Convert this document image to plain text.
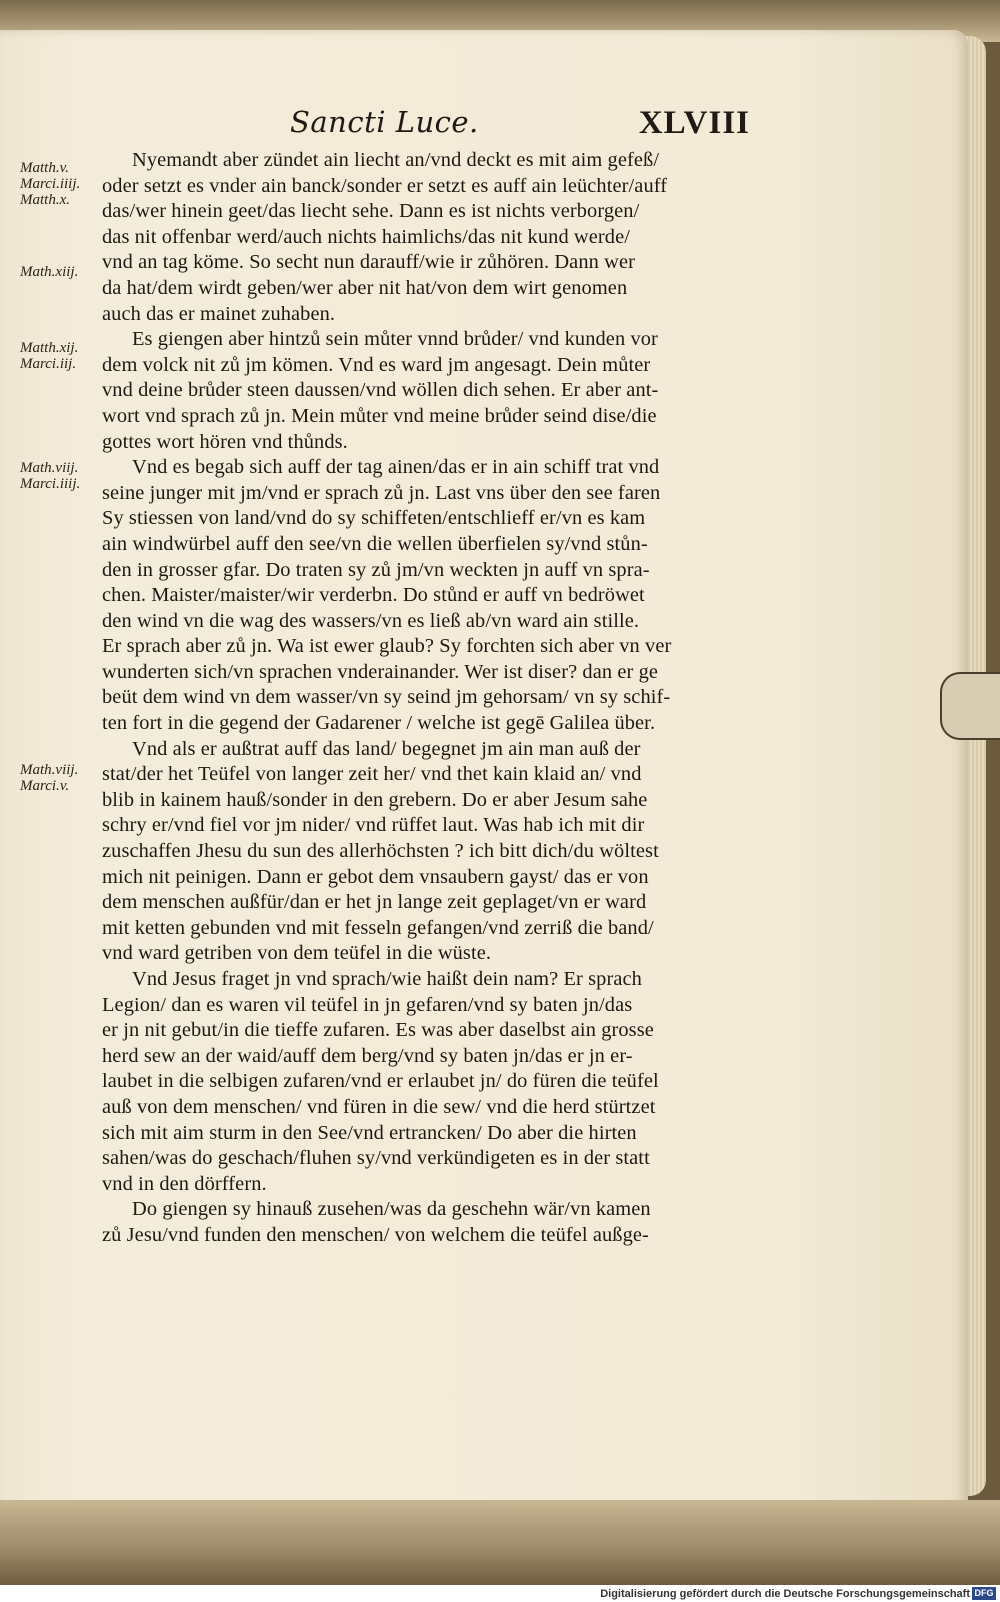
Sancti Luce.	XLVIII
Matth.v.
Marci.iiij.
Matth.x.
Math.xiij.
Matth.xij.
Marci.iij.
Math.viij.
Marci.iiij.
Math.viij.
Marci.v.
Nyemandt aber zündet ain liecht an/vnd deckt es mit aim gefeß/
oder setzt es vnder ain banck/sonder er setzt es auff ain leüchter/auff
das/wer hinein geet/das liecht sehe. Dann es ist nichts verborgen/
das nit offenbar werd/auch nichts haimlichs/das nit kund werde/
vnd an tag köme. So secht nun darauff/wie ir zůhören. Dann wer
da hat/dem wirdt geben/wer aber nit hat/von dem wirt genomen
auch das er mainet zuhaben.
Es giengen aber hintzů sein můter vnnd brůder/ vnd kunden vor
dem volck nit zů jm kömen. Vnd es ward jm angesagt. Dein můter
vnd deine brůder steen daussen/vnd wöllen dich sehen. Er aber ant-
wort vnd sprach zů jn. Mein můter vnd meine brůder seind dise/die
gottes wort hören vnd thůnds.
Vnd es begab sich auff der tag ainen/das er in ain schiff trat vnd
seine junger mit jm/vnd er sprach zů jn. Last vns über den see faren
Sy stiessen von land/vnd do sy schiffeten/entschlieff er/vn es kam
ain windwürbel auff den see/vn die wellen überfielen sy/vnd stůn-
den in grosser gfar. Do traten sy zů jm/vn weckten jn auff vn spra-
chen. Maister/maister/wir verderbn. Do stůnd er auff vn bedröwet
den wind vn die wag des wassers/vn es ließ ab/vn ward ain stille.
Er sprach aber zů jn. Wa ist ewer glaub? Sy forchten sich aber vn ver
wunderten sich/vn sprachen vnderainander. Wer ist diser? dan er ge
beüt dem wind vn dem wasser/vn sy seind jm gehorsam/ vn sy schif-
ten fort in die gegend der Gadarener / welche ist gegē Galilea über.
Vnd als er außtrat auff das land/ begegnet jm ain man auß der
stat/der het Teüfel von langer zeit her/ vnd thet kain klaid an/ vnd
blib in kainem hauß/sonder in den grebern. Do er aber Jesum sahe
schry er/vnd fiel vor jm nider/ vnd rüffet laut. Was hab ich mit dir
zuschaffen Jhesu du sun des allerhöchsten ? ich bitt dich/du wöltest
mich nit peinigen. Dann er gebot dem vnsaubern gayst/ das er von
dem menschen außfür/dan er het jn lange zeit geplaget/vn er ward
mit ketten gebunden vnd mit fesseln gefangen/vnd zerriß die band/
vnd ward getriben von dem teüfel in die wüste.
Vnd Jesus fraget jn vnd sprach/wie haißt dein nam? Er sprach
Legion/ dan es waren vil teüfel in jn gefaren/vnd sy baten jn/das
er jn nit gebut/in die tieffe zufaren. Es was aber daselbst ain grosse
herd sew an der waid/auff dem berg/vnd sy baten jn/das er jn er-
laubet in die selbigen zufaren/vnd er erlaubet jn/ do füren die teüfel
auß von dem menschen/ vnd füren in die sew/ vnd die herd stürtzet
sich mit aim sturm in den See/vnd ertrancken/ Do aber die hirten
sahen/was do geschach/fluhen sy/vnd verkündigeten es in der statt
vnd in den dörffern.
Do giengen sy hinauß zusehen/was da geschehn wär/vn kamen
zů Jesu/vnd funden den menschen/ von welchem die teüfel außge-
Digitalisierung gefördert durch die Deutsche Forschungsgemeinschaft DFG
